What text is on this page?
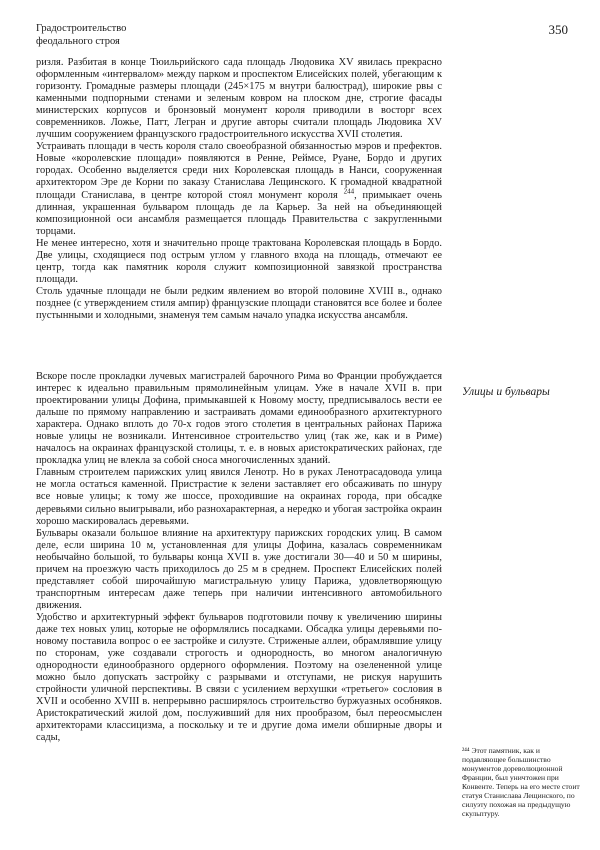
Градостроительство
феодального строя
350

ризля. Разбитая в конце Тюильрийского сада площадь Людовика XV явилась прекрасно оформленным «интервалом» между парком и проспектом Елисейских полей, убегающим к горизонту. Громадные размеры площади (245×175 м внутри балюстрад), широкие рвы с каменными подпорными стенами и зеленым ковром на плоском дне, строгие фасады министерских корпусов и бронзовый монумент короля приводили в восторг всех современников. Ложье, Патт, Легран и другие авторы считали площадь Людовика XV лучшим сооружением французского градостроительного искусства XVII столетия.

Устраивать площади в честь короля стало своеобразной обязанностью мэров и префектов. Новые «королевские площади» появляются в Ренне, Реймсе, Руане, Бордо и других городах. Особенно выделяется среди них Королевская площадь в Нанси, сооруженная архитектором Эре де Корни по заказу Станислава Лещинского. К громадной квадратной площади Станислава, в центре которой стоял монумент короля $^{244}$, примыкает очень длинная, украшенная бульваром площадь де ла Карьер. За ней на объединяющей композиционной оси ансамбля размещается площадь Правительства с закругленными торцами.

Не менее интересно, хотя и значительно проще трактована Королевская площадь в Бордо. Две улицы, сходящиеся под острым углом у главного входа на площадь, отмечают ее центр, тогда как памятник короля служит композиционной завязкой пространства площади.

Столь удачные площади не были редким явлением во второй половине XVIII в., однако позднее (с утверждением стиля ампир) французские площади становятся все более и более пустынными и холодными, знаменуя тем самым начало упадка искусства ансамбля.

Улицы и бульвары

Вскоре после прокладки лучевых магистралей барочного Рима во Франции пробуждается интерес к идеально правильным прямолинейным улицам. Уже в начале XVII в. при проектировании улицы Дофина, примыкавшей к Новому мосту, предписывалось вести ее дальше по прямому направлению и застраивать домами единообразного архитектурного характера. Однако вплоть до 70-х годов этого столетия в центральных районах Парижа новые улицы не возникали. Интенсивное строительство улиц (так же, как и в Риме) началось на окраинах французской столицы, т. е. в новых аристократических районах, где прокладка улиц не влекла за собой сноса многочисленных зданий.

Главным строителем парижских улиц явился Ленотр. Но в руках Ленотрасадовода улица не могла остаться каменной. Пристрастие к зелени заставляет его обсаживать по шнуру все новые улицы; к тому же шоссе, проходившие на окраинах города, при обсадке деревьями сильно выигрывали, ибо разнохарактерная, а нередко и убогая застройка окраин хорошо маскировалась деревьями.

Бульвары оказали большое влияние на архитектуру парижских городских улиц. В самом деле, если ширина 10 м, установленная для улицы Дофина, казалась современникам необычайно большой, то бульвары конца XVII в. уже достигали 30—40 и 50 м ширины, причем на проезжую часть приходилось до 25 м в среднем. Проспект Елисейских полей представляет собой широчайшую магистральную улицу Парижа, удовлетворяющую транспортным интересам даже теперь при наличии интенсивного автомобильного движения.

Удобство и архитектурный эффект бульваров подготовили почву к увеличению ширины даже тех новых улиц, которые не оформлялись посадками. Обсадка улицы деревьями по-новому поставила вопрос о ее застройке и силуэте. Стриженые аллеи, обрамлявшие улицу по сторонам, уже создавали строгость и однородность, во многом аналогичную однородности единообразного ордерного оформления. Поэтому на озелененной улице можно было допускать застройку с разрывами и отступами, не рискуя нарушить стройности уличной перспективы. В связи с усилением верхушки «третьего» сословия в XVII и особенно XVIII в. непрерывно расширялось строительство буржуазных особняков. Аристократический жилой дом, послуживший для них прообразом, был переосмыслен архитекторами классицизма, а поскольку и те и другие дома имели обширные дворы и сады,

²⁴⁴ Этот памятник, как и подавляющее большинство монументов дореволюционной Франции, был уничтожен при Конвенте. Теперь на его месте стоит статуя Станислава Лещинского, по силуэту похожая на предыдущую скульптуру.
